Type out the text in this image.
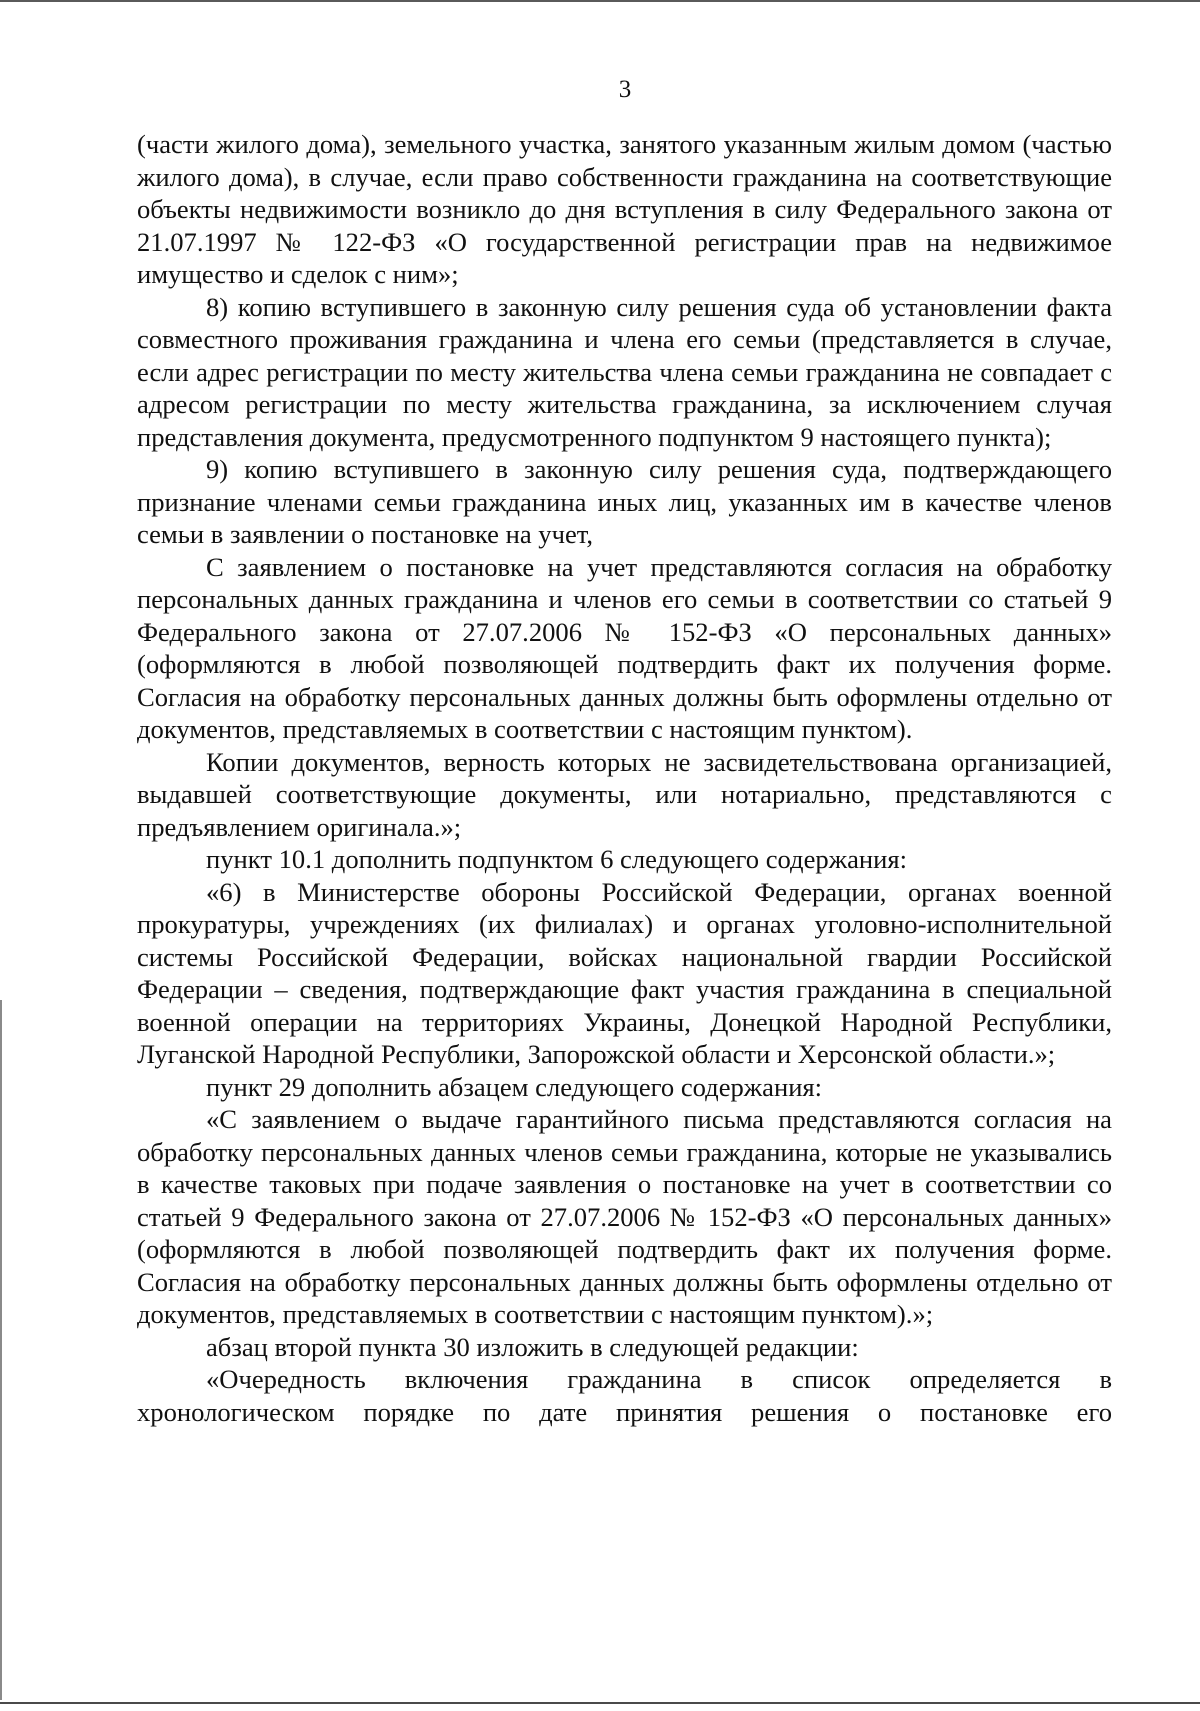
3

(части жилого дома), земельного участка, занятого указанным жилым домом (частью жилого дома), в случае, если право собственности гражданина на соответствующие объекты недвижимости возникло до дня вступления в силу Федерального закона от 21.07.1997 № 122-ФЗ «О государственной регистрации прав на недвижимое имущество и сделок с ним»;

8) копию вступившего в законную силу решения суда об установлении факта совместного проживания гражданина и члена его семьи (представляется в случае, если адрес регистрации по месту жительства члена семьи гражданина не совпадает с адресом регистрации по месту жительства гражданина, за исключением случая представления документа, предусмотренного подпунктом 9 настоящего пункта);

9) копию вступившего в законную силу решения суда, подтверждающего признание членами семьи гражданина иных лиц, указанных им в качестве членов семьи в заявлении о постановке на учет,

С заявлением о постановке на учет представляются согласия на обработку персональных данных гражданина и членов его семьи в соответствии со статьей 9 Федерального закона от 27.07.2006 № 152-ФЗ «О персональных данных» (оформляются в любой позволяющей подтвердить факт их получения форме. Согласия на обработку персональных данных должны быть оформлены отдельно от документов, представляемых в соответствии с настоящим пунктом).

Копии документов, верность которых не засвидетельствована организацией, выдавшей соответствующие документы, или нотариально, представляются с предъявлением оригинала.»;

пункт 10.1 дополнить подпунктом 6 следующего содержания:

«6) в Министерстве обороны Российской Федерации, органах военной прокуратуры, учреждениях (их филиалах) и органах уголовно-исполнительной системы Российской Федерации, войсках национальной гвардии Российской Федерации – сведения, подтверждающие факт участия гражданина в специальной военной операции на территориях Украины, Донецкой Народной Республики, Луганской Народной Республики, Запорожской области и Херсонской области.»;

пункт 29 дополнить абзацем следующего содержания:

«С заявлением о выдаче гарантийного письма представляются согласия на обработку персональных данных членов семьи гражданина, которые не указывались в качестве таковых при подаче заявления о постановке на учет в соответствии со статьей 9 Федерального закона от 27.07.2006 № 152-ФЗ «О персональных данных» (оформляются в любой позволяющей подтвердить факт их получения форме. Согласия на обработку персональных данных должны быть оформлены отдельно от документов, представляемых в соответствии с настоящим пунктом).»;

абзац второй пункта 30 изложить в следующей редакции:

«Очередность включения гражданина в список определяется в хронологическом порядке по дате принятия решения о постановке его
